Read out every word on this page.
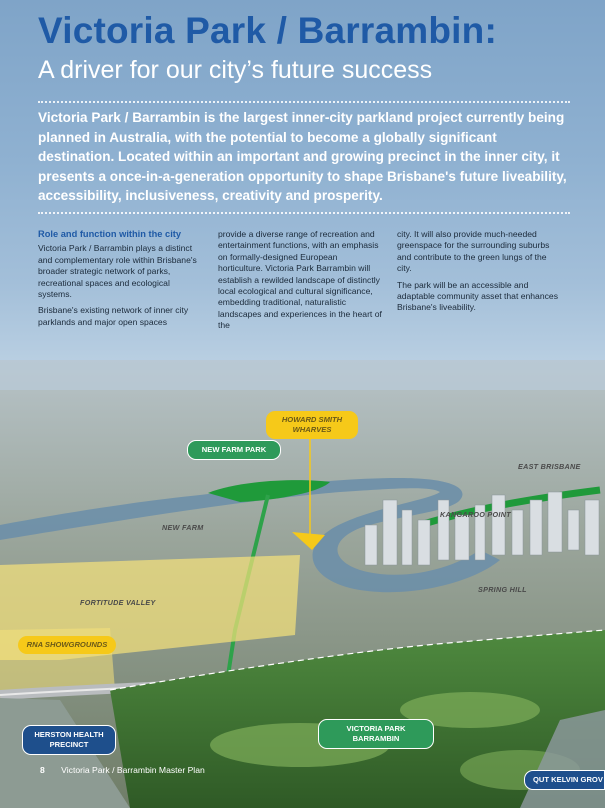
Victoria Park / Barrambin:
A driver for our city’s future success
Victoria Park / Barrambin is the largest inner-city parkland project currently being planned in Australia, with the potential to become a globally significant destination. Located within an important and growing precinct in the inner city, it presents a once-in-a-generation opportunity to shape Brisbane's future liveability, accessibility, inclusiveness, creativity and prosperity.
Role and function within the city

Victoria Park / Barrambin plays a distinct and complementary role within Brisbane's broader strategic network of parks, recreational spaces and ecological systems.

Brisbane's existing network of inner city parklands and major open spaces

provide a diverse range of recreation and entertainment functions, with an emphasis on formally-designed European horticulture. Victoria Park Barrambin will establish a rewilded landscape of distinctly local ecological and cultural significance, embedding traditional, naturalistic landscapes and experiences in the heart of the

city. It will also provide much-needed greenspace for the surrounding suburbs and contribute to the green lungs of the city.

The park will be an accessible and adaptable community asset that enhances Brisbane's liveability.

EAST BRISBANE
KANGAROO POINT
NEW FARM
FORTITUDE VALLEY
SPRING HILL
HOWARD SMITH WHARVES
NEW FARM PARK
RNA SHOWGROUNDS
HERSTON HEALTH PRECINCT
VICTORIA PARK BARRAMBIN
QUT KELVIN GROV
8 Victoria Park / Barrambin Master Plan
